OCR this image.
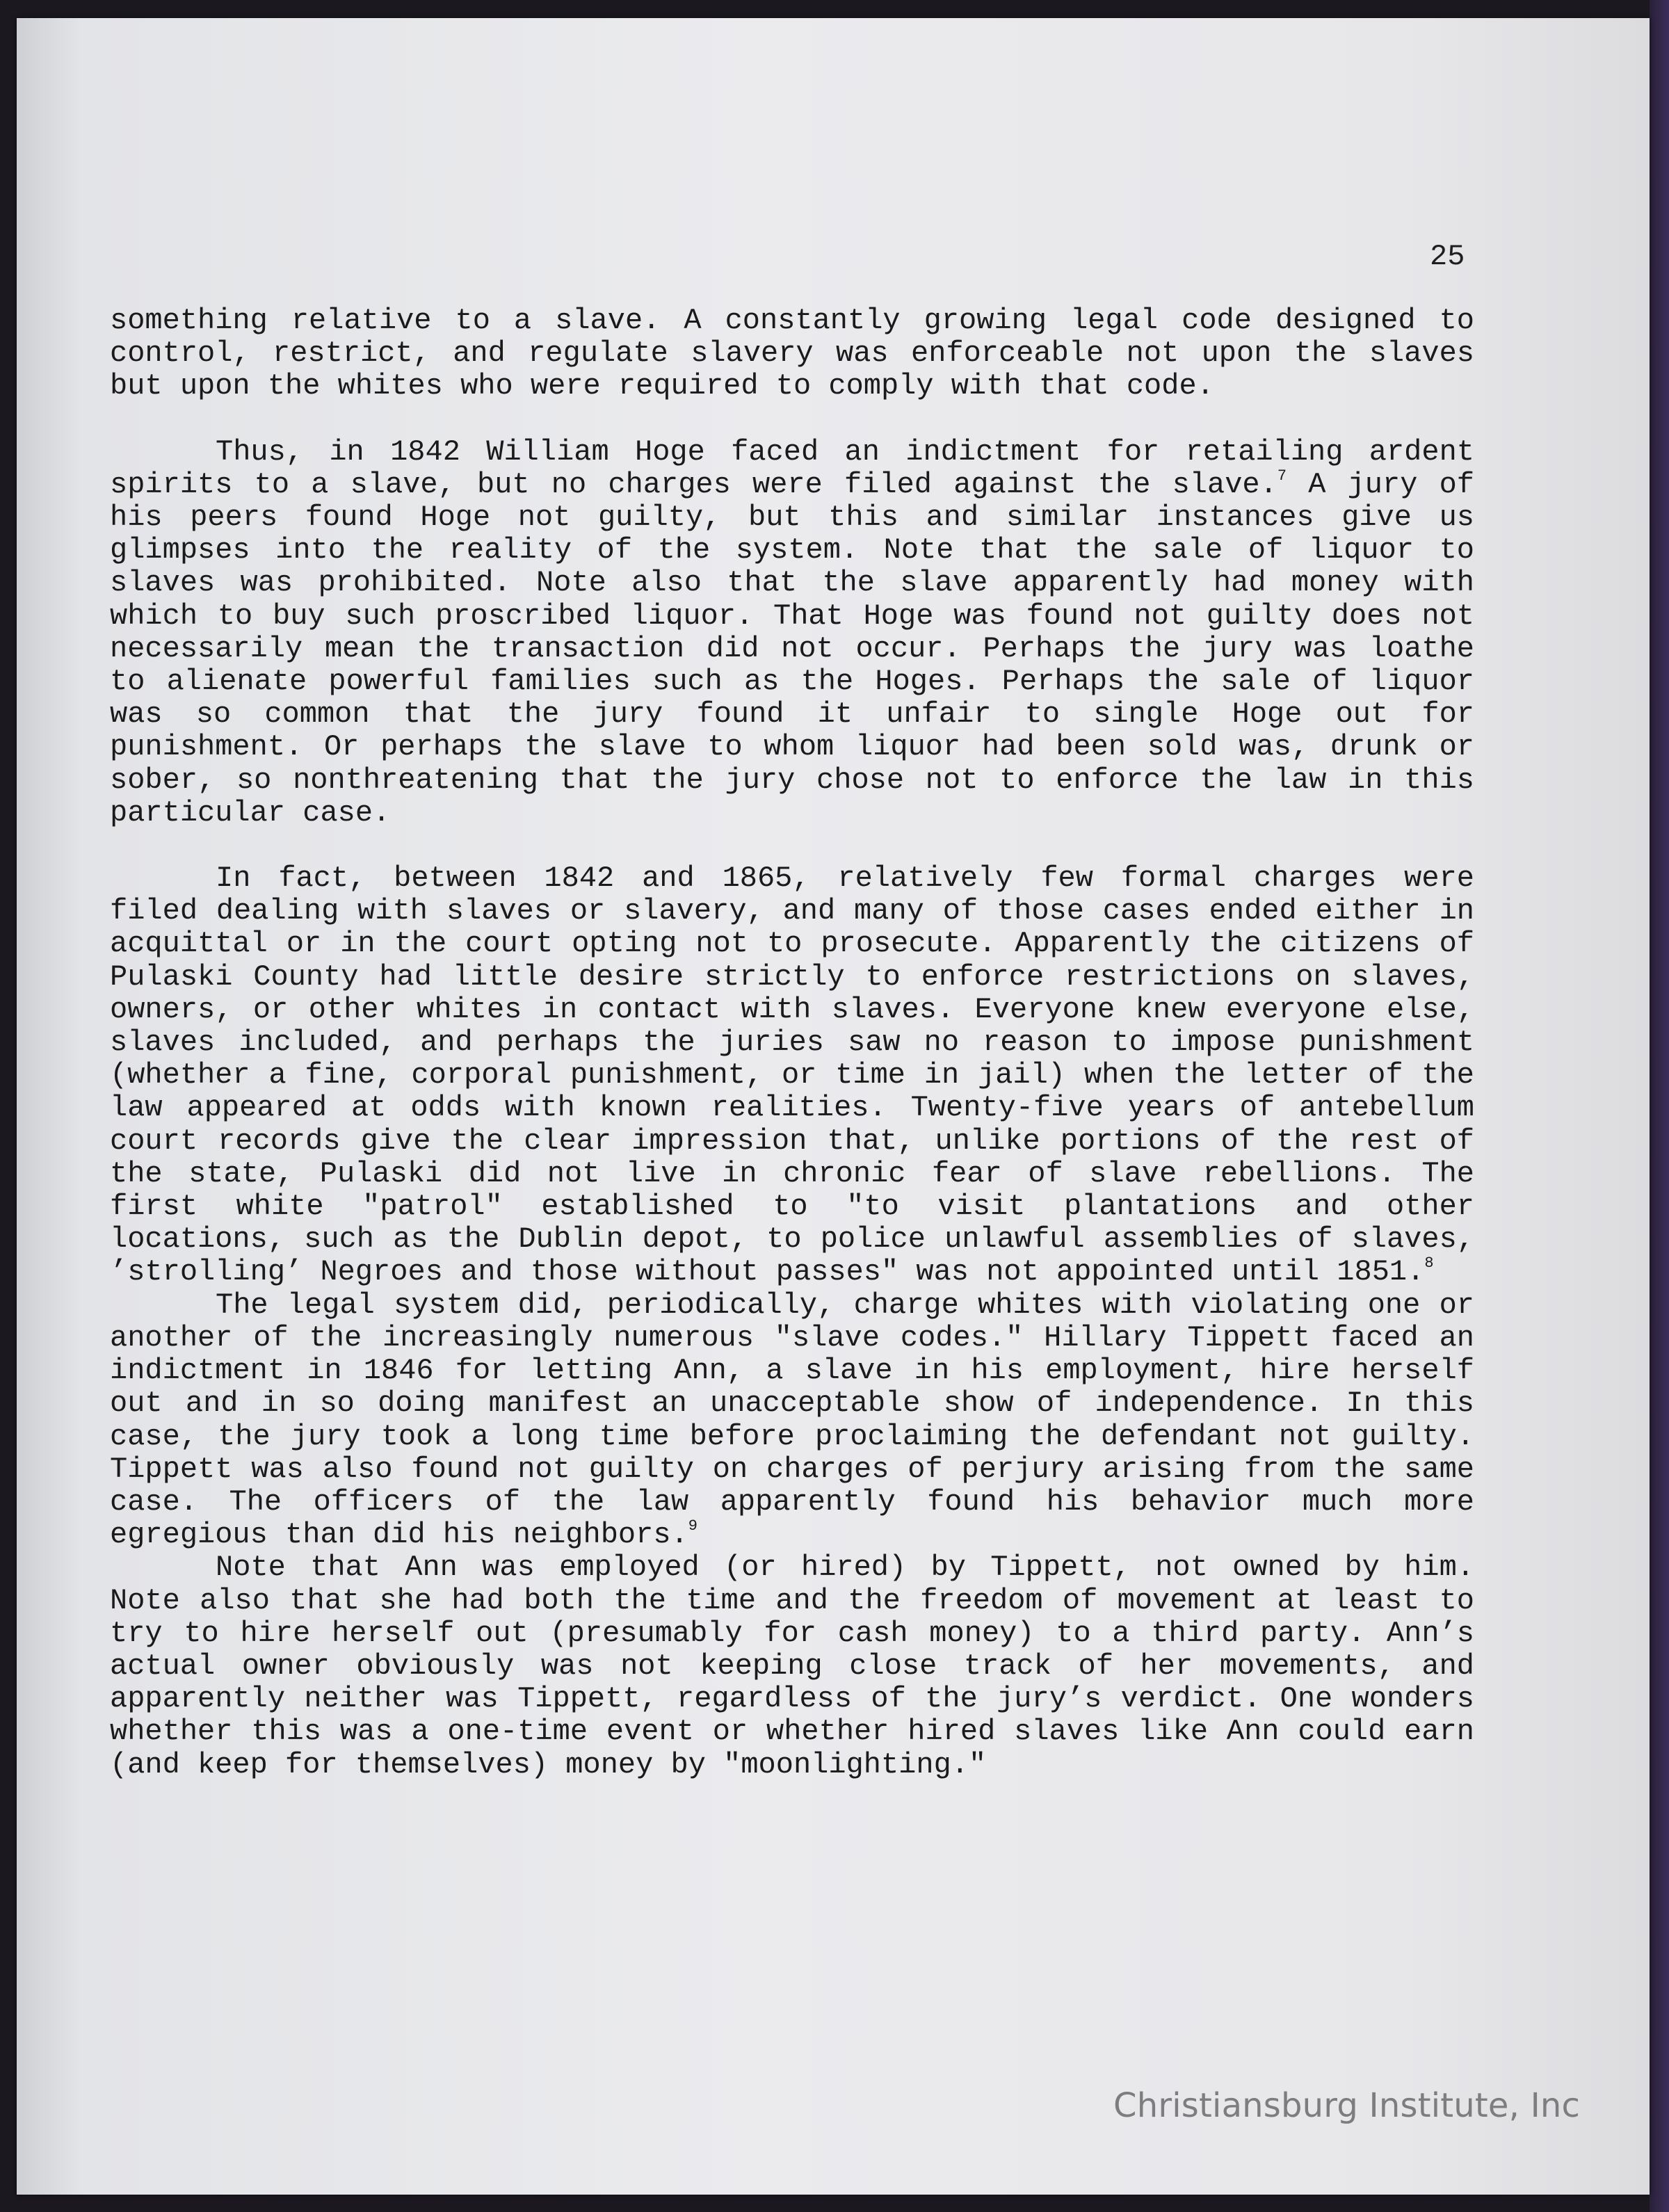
25

something relative to a slave. A constantly growing legal code designed to control, restrict, and regulate slavery was enforceable not upon the slaves but upon the whites who were required to comply with that code.

Thus, in 1842 William Hoge faced an indictment for retailing ardent spirits to a slave, but no charges were filed against the slave.$^7$ A jury of his peers found Hoge not guilty, but this and similar instances give us glimpses into the reality of the system. Note that the sale of liquor to slaves was prohibited. Note also that the slave apparently had money with which to buy such proscribed liquor. That Hoge was found not guilty does not necessarily mean the transaction did not occur. Perhaps the jury was loathe to alienate powerful families such as the Hoges. Perhaps the sale of liquor was so common that the jury found it unfair to single Hoge out for punishment. Or perhaps the slave to whom liquor had been sold was, drunk or sober, so nonthreatening that the jury chose not to enforce the law in this particular case.

In fact, between 1842 and 1865, relatively few formal charges were filed dealing with slaves or slavery, and many of those cases ended either in acquittal or in the court opting not to prosecute. Apparently the citizens of Pulaski County had little desire strictly to enforce restrictions on slaves, owners, or other whites in contact with slaves. Everyone knew everyone else, slaves included, and perhaps the juries saw no reason to impose punishment (whether a fine, corporal punishment, or time in jail) when the letter of the law appeared at odds with known realities. Twenty-five years of antebellum court records give the clear impression that, unlike portions of the rest of the state, Pulaski did not live in chronic fear of slave rebellions. The first white "patrol" established to "to visit plantations and other locations, such as the Dublin depot, to police unlawful assemblies of slaves, ’strolling’ Negroes and those without passes" was not appointed until 1851.$^8$

The legal system did, periodically, charge whites with violating one or another of the increasingly numerous "slave codes." Hillary Tippett faced an indictment in 1846 for letting Ann, a slave in his employment, hire herself out and in so doing manifest an unacceptable show of independence. In this case, the jury took a long time before proclaiming the defendant not guilty. Tippett was also found not guilty on charges of perjury arising from the same case. The officers of the law apparently found his behavior much more egregious than did his neighbors.$^9$

Note that Ann was employed (or hired) by Tippett, not owned by him. Note also that she had both the time and the freedom of movement at least to try to hire herself out (presumably for cash money) to a third party. Ann’s actual owner obviously was not keeping close track of her movements, and apparently neither was Tippett, regardless of the jury’s verdict. One wonders whether this was a one-time event or whether hired slaves like Ann could earn (and keep for themselves) money by "moonlighting."

Christiansburg Institute, Inc
